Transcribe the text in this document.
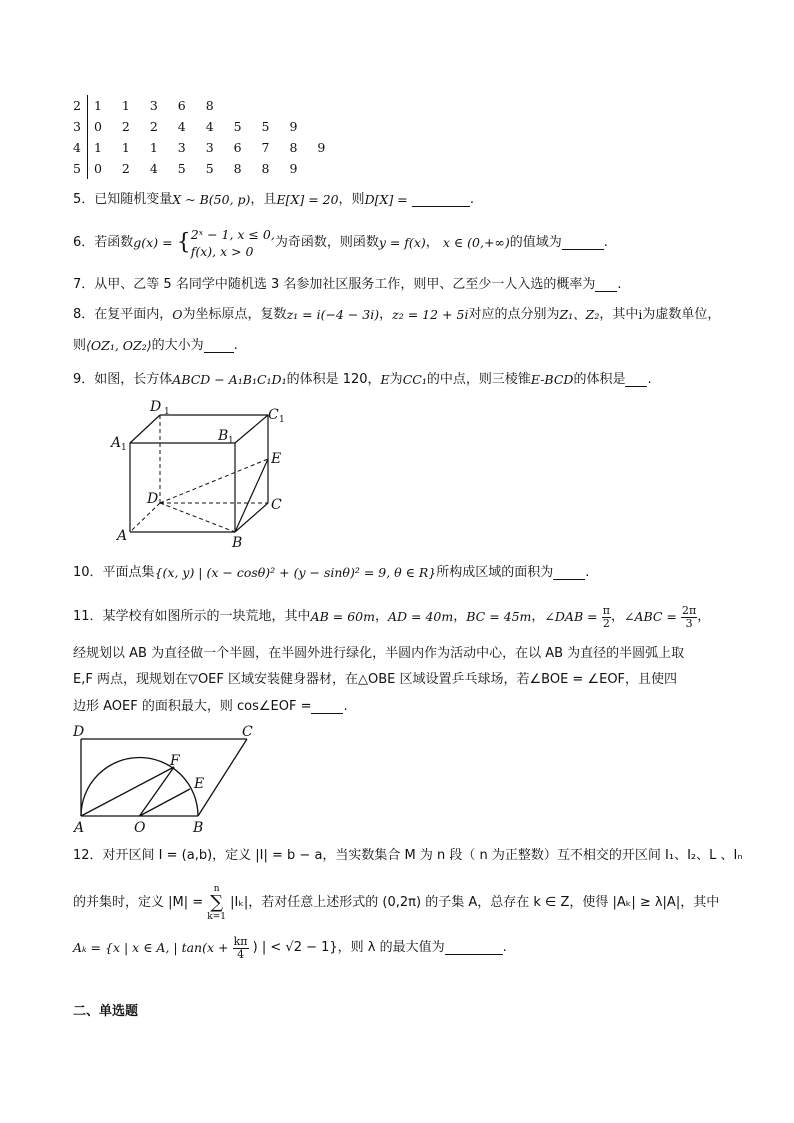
2 1 1 3 6 8
3 0 2 2 4 4 5 5 9
4 1 1 1 3 3 6 7 8 9
5 0 2 4 5 5 8 8 9
5．已知随机变量X ~ B(50, p)，且E[X] = 20，则D[X] =	.
6．若函数g(x) = { 2ˣ − 1, x ≤ 0,
f(x), x > 0
为奇函数，则函数y = f(x)， x ∈ (0,+∞)的值域为	.
7．从甲、乙等 5 名同学中随机选 3 名参加社区服务工作，则甲、乙至少一人入选的概率为 .
8．在复平面内，O为坐标原点，复数z₁ = i(−4 − 3i)，z₂ = 12 + 5i对应的点分别为Z₁、Z₂，其中i为虚数单位，
则⟨OZ₁, OZ₂⟩的大小为 .
9．如图，长方体ABCD − A₁B₁C₁D₁的体积是 120，E为CC₁的中点，则三棱锥E-BCD的体积是 .
D 1	C 1
A 1
B 1
E
D	C
A	B
10．平面点集{(x, y) | (x − cosθ)² + (y − sinθ)² = 9, θ ∈ R}所构成区域的面积为 .
11．某学校有如图所示的一块荒地，其中AB = 60m，AD = 40m，BC = 45m，∠DAB = $\frac{\pi}{2}$ ，∠ABC = $\frac{2\pi}{3}$ ，
经规划以 AB 为直径做一个半圆，在半圆外进行绿化，半圆内作为活动中心，在以 AB 为直径的半圆弧上取
E,F 两点，现规划在▽OEF 区域安装健身器材，在△OBE 区域设置乒乓球场，若∠BOE = ∠EOF，且使四
边形 AOEF 的面积最大，则 cos∠EOF = .
D	C
F
E
A	O	B
12．对开区间 I = (a,b)，定义 |I| = b − a，当实数集合 M 为 n 段（ n 为正整数）互不相交的开区间 I₁、I₂、L 、Iₙ
的并集时，定义 |M| =
n
∑
k=1
|Iₖ|，若对任意上述形式的 (0,2π) 的子集 A，总存在 k ∈ Z，使得 |Aₖ| ≥ λ|A|，其中
Aₖ = {x | x ∈ A, | $\tan(x + \frac{k\pi}{4}$ ) | < √2 − 1}，则 λ 的最大值为	.
二、单选题
